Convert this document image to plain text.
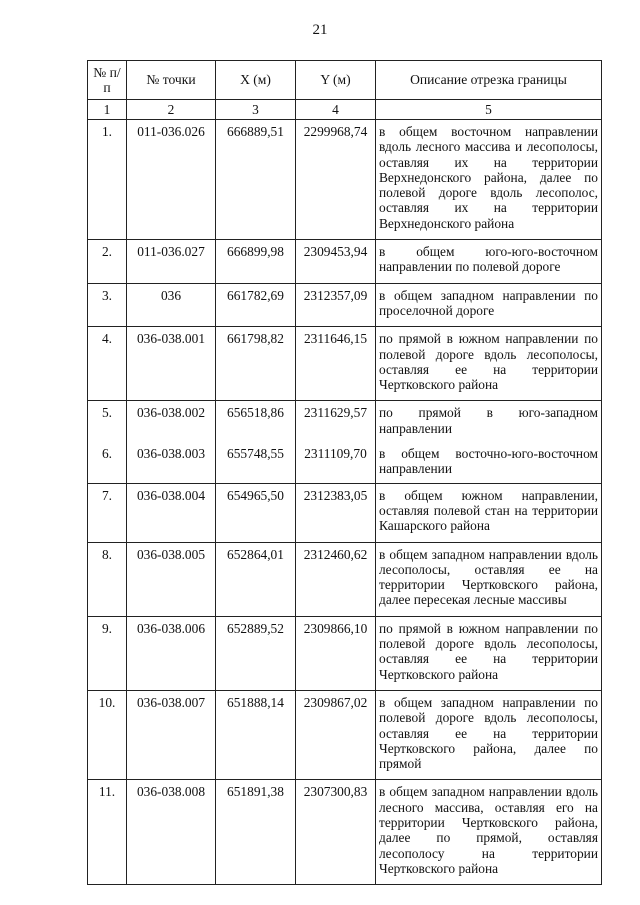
21
№ п/п	№ точки	X (м)	Y (м)	Описание отрезка границы
1	2	3	4	5
1.	011-036.026	666889,51	2299968,74	в общем восточном направлении вдоль лесного массива и лесополосы, оставляя их на территории Верхнедонского района, далее по полевой дороге вдоль лесополос, оставляя их на территории Верхнедонского района
2.	011-036.027	666899,98	2309453,94	в общем юго-юго-восточном направлении по полевой дороге
3.	036	661782,69	2312357,09	в общем западном направлении по проселочной дороге
4.	036-038.001	661798,82	2311646,15	по прямой в южном направлении по полевой дороге вдоль лесополосы, оставляя ее на территории Чертковского района
5.	036-038.002	656518,86	2311629,57	по прямой в юго-западном направлении
6.	036-038.003	655748,55	2311109,70	в общем восточно-юго-восточном направлении
7.	036-038.004	654965,50	2312383,05	в общем южном направлении, оставляя полевой стан на территории Кашарского района
8.	036-038.005	652864,01	2312460,62	в общем западном направлении вдоль лесополосы, оставляя ее на территории Чертковского района, далее пересекая лесные массивы
9.	036-038.006	652889,52	2309866,10	по прямой в южном направлении по полевой дороге вдоль лесополосы, оставляя ее на территории Чертковского района
10.	036-038.007	651888,14	2309867,02	в общем западном направлении по полевой дороге вдоль лесополосы, оставляя ее на территории Чертковского района, далее по прямой
11.	036-038.008	651891,38	2307300,83	в общем западном направлении вдоль лесного массива, оставляя его на территории Чертковского района, далее по прямой, оставляя лесополосу на территории Чертковского района
